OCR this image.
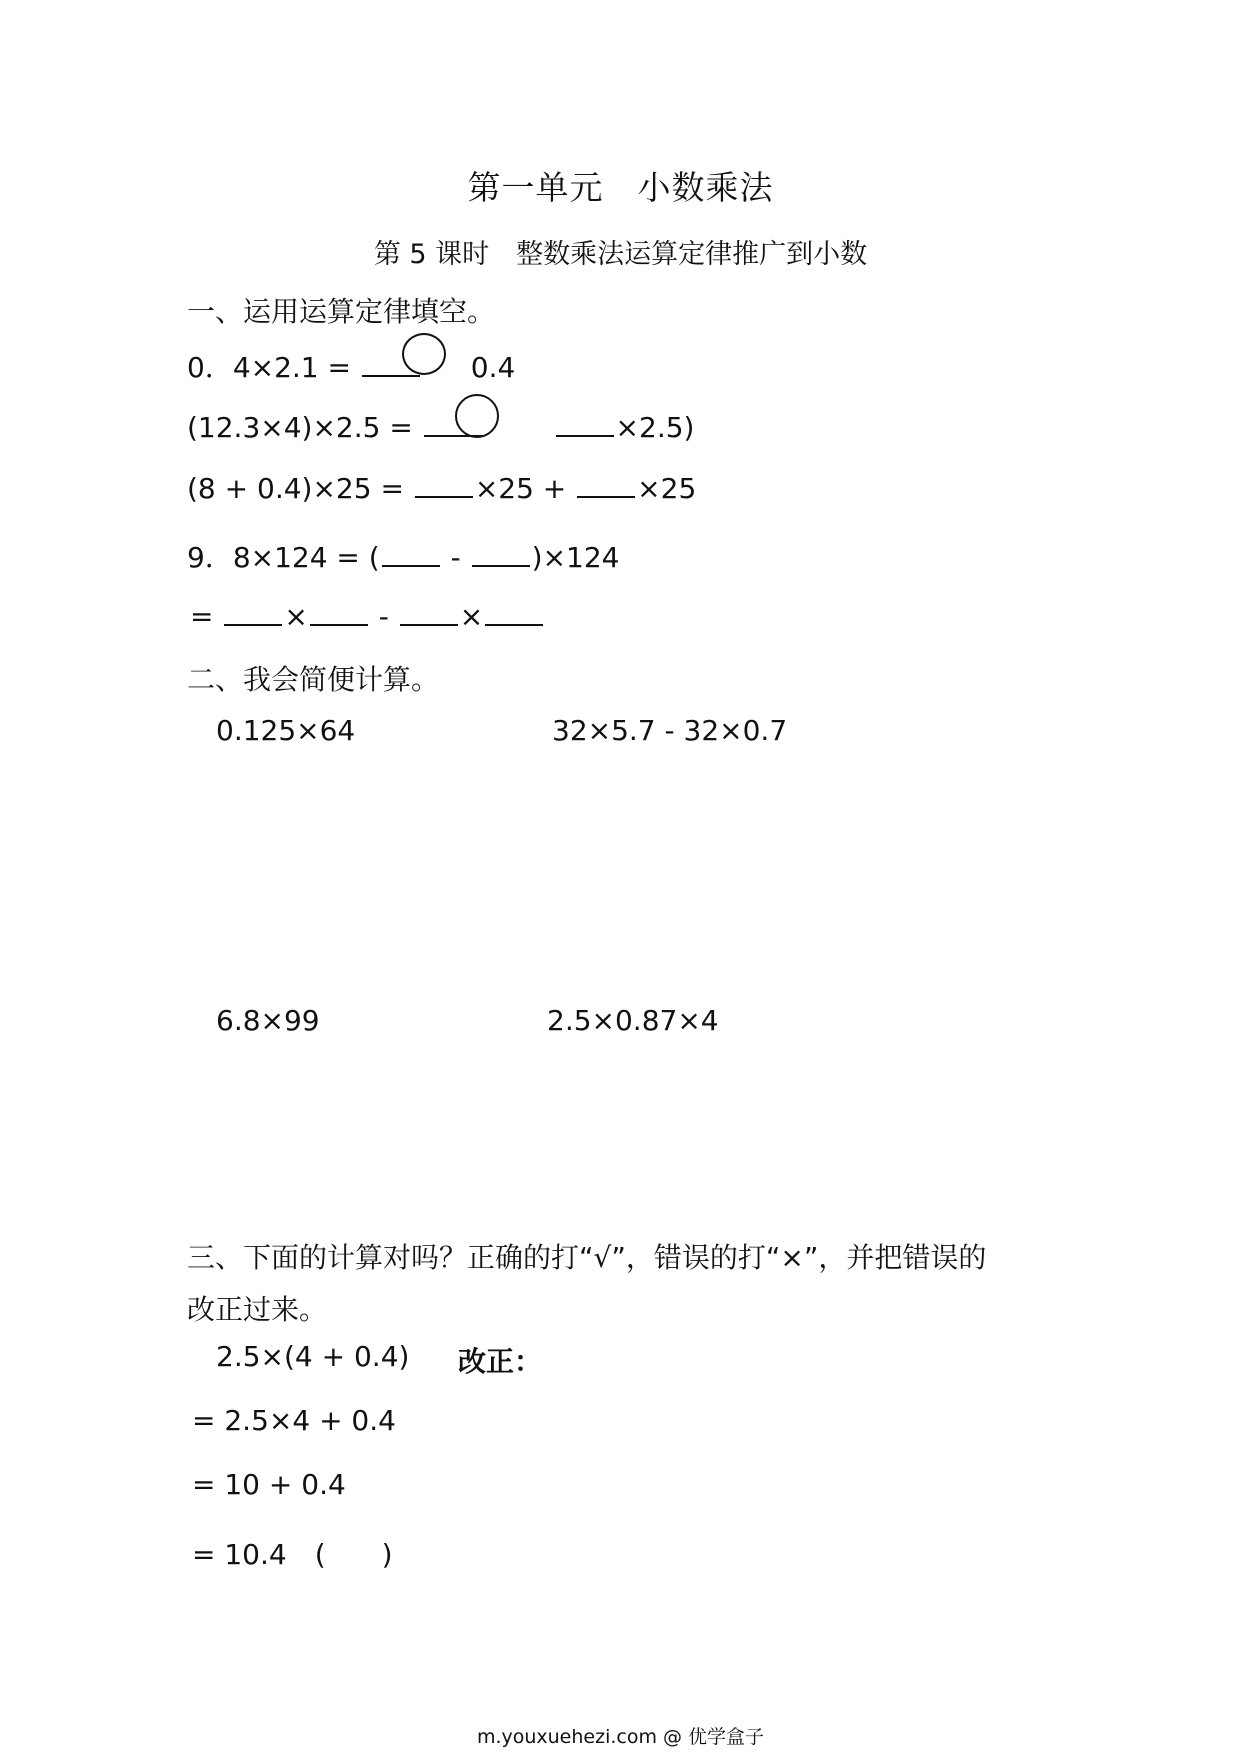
第一单元　小数乘法
第 5 课时　整数乘法运算定律推广到小数
一、运用运算定律填空。
0．4×2.1 =	0.4
(12.3×4)×2.5 =	×2.5)
(8 + 0.4)×25 =	×25 +	×25
9．8×124 = (	-	)×124
=	×	-	×
二、我会简便计算。
0.125×64	32×5.7 - 32×0.7
6.8×99	2.5×0.87×4
三、下面的计算对吗？正确的打“√”，错误的打“×”，并把错误的
改正过来。
2.5×(4 + 0.4) 改正：
= 2.5×4 + 0.4
= 10 + 0.4
= 10.4　(　　)
m.youxuehezi.com @ 优学盒子
